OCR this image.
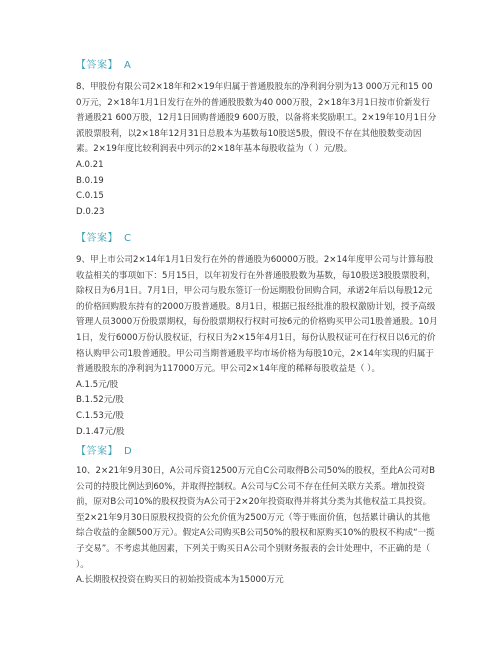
【答案】 A

8、甲股份有限公司2×18年和2×19年归属于普通股股东的净利润分别为13 000万元和15 000万元，2×18年1月1日发行在外的普通股股数为40 000万股，2×18年3月1日按市价新发行普通股21 600万股，12月1日回购普通股9 600万股，以备将来奖励职工。2×19年10月1日分派股票股利，以2×18年12月31日总股本为基数每10股送5股，假设不存在其他股数变动因素。2×19年度比较利润表中列示的2×18年基本每股收益为（ ）元/股。

A.0.21
B.0.19
C.0.15
D.0.23
【答案】 C

9、甲上市公司2×14年1月1日发行在外的普通股为60000万股。2×14年度甲公司与计算每股收益相关的事项如下：5月15日，以年初发行在外普通股股数为基数，每10股送3股股票股利，除权日为6月1日。7月1日，甲公司与股东签订一份远期股份回购合同，承诺2年后以每股12元的价格回购股东持有的2000万股普通股。8月1日，根据已报经批准的股权激励计划，授予高级管理人员3000万份股票期权，每份股票期权行权时可按6元的价格购买甲公司1股普通股。10月1日，发行6000万份认股权证，行权日为2×15年4月1日，每份认股权证可在行权日以6元的价格认购甲公司1股普通股。甲公司当期普通股平均市场价格为每股10元，2×14年实现的归属于普通股股东的净利润为117000万元。甲公司2×14年度的稀释每股收益是（ ）。

A.1.5元/股
B.1.52元/股
C.1.53元/股
D.1.47元/股
【答案】 D

10、2×21年9月30日，A公司斥资12500万元自C公司取得B公司50%的股权，至此A公司对B公司的持股比例达到60%，并取得控制权。A公司与C公司不存在任何关联方关系。增加投资前，原对B公司10%的股权投资为A公司于2×20年投资取得并将其分类为其他权益工具投资。至2×21年9月30日原股权投资的公允价值为2500万元（等于账面价值，包括累计确认的其他综合收益的金额500万元）。假定A公司购买B公司50%的股权和原购买10%的股权不构成“一揽子交易”。不考虑其他因素，下列关于购买日A公司个别财务报表的会计处理中，不正确的是（ ）。

A.长期股权投资在购买日的初始投资成本为15000万元
